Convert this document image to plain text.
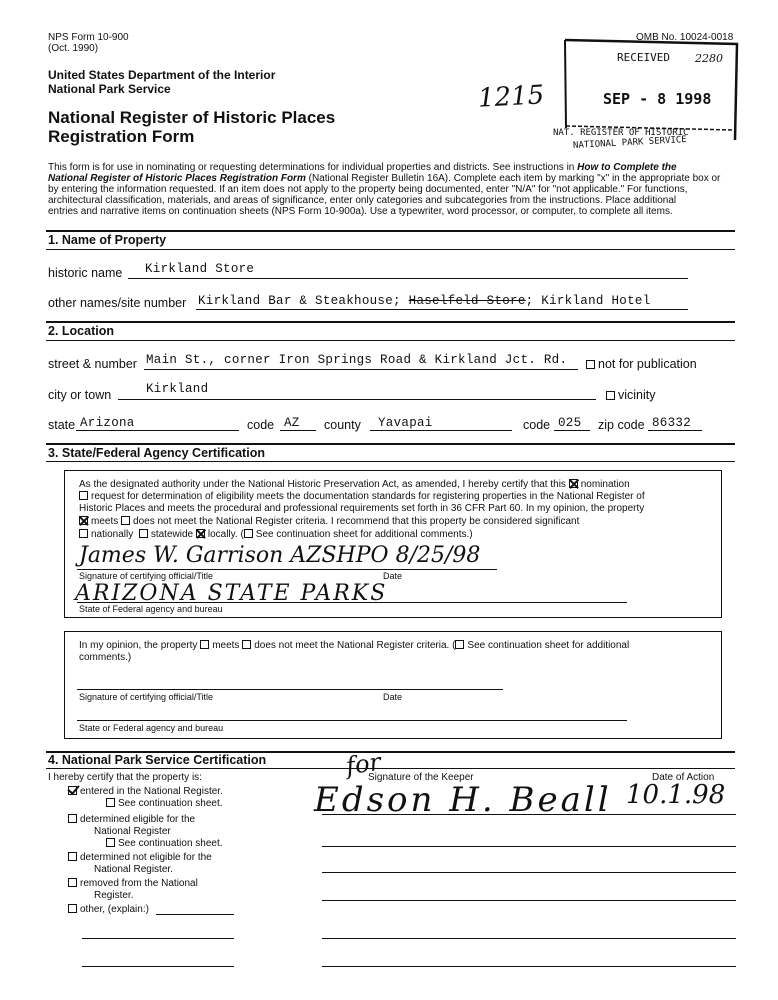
NPS Form 10-900
(Oct. 1990)
OMB No. 10024-0018
United States Department of the Interior
National Park Service
National Register of Historic Places
Registration Form
1215
RECEIVED 2280
SEP - 8 1998
NAT. REGISTER OF HISTORIC
NATIONAL PARK SERVICE
This form is for use in nominating or requesting determinations for individual properties and districts. See instructions in How to Complete the
National Register of Historic Places Registration Form (National Register Bulletin 16A). Complete each item by marking "x" in the appropriate box or
by entering the information requested. If an item does not apply to the property being documented, enter "N/A" for "not applicable." For functions,
architectural classification, materials, and areas of significance, enter only categories and subcategories from the instructions. Place additional
entries and narrative items on continuation sheets (NPS Form 10-900a). Use a typewriter, word processor, or computer, to complete all items.
1. Name of Property
historic name Kirkland Store
other names/site number Kirkland Bar & Steakhouse; Haselfeld Store; Kirkland Hotel
2. Location
street & number Main St., corner Iron Springs Road & Kirkland Jct. Rd.	not for publication
city or town	Kirkland	vicinity
state Arizona	code AZ county Yavapai	code 025 zip code 86332
3. State/Federal Agency Certification
As the designated authority under the National Historic Preservation Act, as amended, I hereby certify that this nomination
request for determination of eligibility meets the documentation standards for registering properties in the National Register of
Historic Places and meets the procedural and professional requirements set forth in 36 CFR Part 60. In my opinion, the property
meets does not meet the National Register criteria. I recommend that this property be considered significant
nationally statewide locally. ( See continuation sheet for additional comments.)
James W. Garrison AZSHPO 8/25/98
Signature of certifying official/Title	Date
ARIZONA STATE PARKS
State of Federal agency and bureau
In my opinion, the property meets does not meet the National Register criteria. ( See continuation sheet for additional
comments.)
Signature of certifying official/Title	Date
State or Federal agency and bureau
4. National Park Service Certification
I hereby certify that the property is:	Signature of the Keeper	Date of Action
entered in the National Register.
See continuation sheet.
determined eligible for the
National Register
See continuation sheet.
determined not eligible for the
National Register.
removed from the National
Register.
other, (explain:)
for
Edson H. Beall 10.1.98
